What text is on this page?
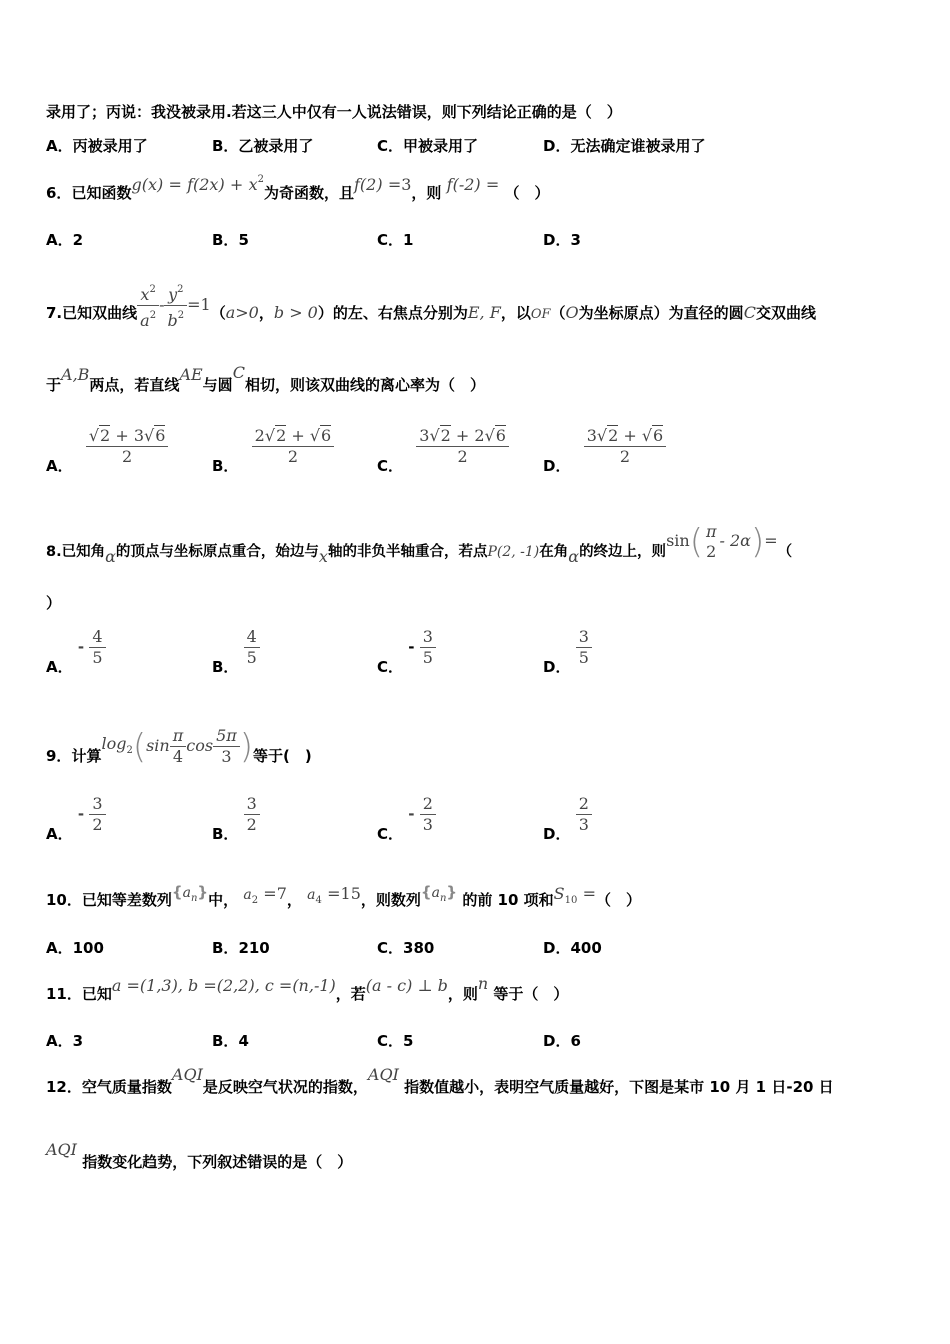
录用了；丙说：我没被录用.若这三人中仅有一人说法错误，则下列结论正确的是（　）
A．丙被录用了	B．乙被录用了	C．甲被录用了	D．无法确定谁被录用了
6．已知函数$g(x) = f(2x) + x^2$为奇函数，且f(2) =3，则 f(-2) = （　）
A．2	B．5	C．1	D．3
7.已知双曲线 $\frac{x^2}{a^2} - \frac{y^2}{b^2} =1(a>0$，b > 0）的左、右焦点分别为E, F，以OF（O为坐标原点）为直径的圆C交双曲线
于A,B两点，若直线AE与圆C相切，则该双曲线的离心率为（　）
A． $\frac{√2 + 3√6}{2}$	B． $\frac{2√2 + √6}{2}$	C． $\frac{3√2 + 2√6}{2}$ D． $\frac{3√2 + √6}{2}$
8.已知角α的顶点与坐标原点重合，始边与x轴的非负半轴重合，若点P(2, -1)在角α的终边上，则sin( π
2
- 2α)=（
）
A． - $\frac{4}{5}$	B． $\frac{4}{5}$	C． - $\frac{3}{5}$	D． $\frac{3}{5}$
9．计算$\log_2(\sin \frac{\pi}{4}$ $\cos \frac{5\pi}{3}$ )等于(　)
A． - $\frac{3}{2}$	B． $\frac{3}{2}$	C． - $\frac{2}{3}$	D． $\frac{2}{3}$
10．已知等差数列$\{a^n\}$中， $a_2 =7$， $a_4 =15$，则数列$\{a^n\}$ 的前 10 项和$S_{10}$ =（　）
A．100	B．210	C．380	D．400
11．已知a =(1,3), b =(2,2), c =(n,-1)，若(a - c) ⊥ b，则n 等于（　）
A．3	B．4	C．5	D．6
12．空气质量指数AQI是反映空气状况的指数，AQI 指数值越小，表明空气质量越好，下图是某市 10 月 1 日-20 日
AQI 指数变化趋势，下列叙述错误的是（　）
